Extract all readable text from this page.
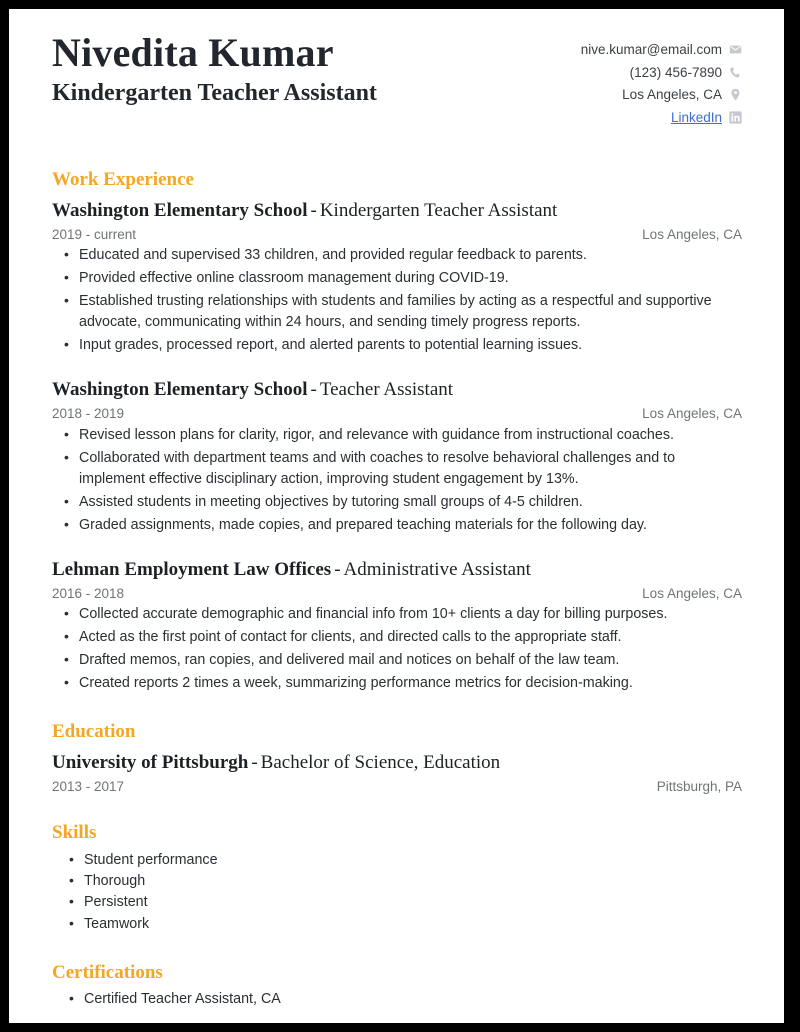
Nivedita Kumar
Kindergarten Teacher Assistant
nive.kumar@email.com
(123) 456-7890
Los Angeles, CA
LinkedIn
Work Experience
Washington Elementary School - Kindergarten Teacher Assistant
2019 - current	Los Angeles, CA
• Educated and supervised 33 children, and provided regular feedback to parents.
• Provided effective online classroom management during COVID-19.
• Established trusting relationships with students and families by acting as a respectful and supportive advocate, communicating within 24 hours, and sending timely progress reports.
• Input grades, processed report, and alerted parents to potential learning issues.
Washington Elementary School - Teacher Assistant
2018 - 2019	Los Angeles, CA
• Revised lesson plans for clarity, rigor, and relevance with guidance from instructional coaches.
• Collaborated with department teams and with coaches to resolve behavioral challenges and to implement effective disciplinary action, improving student engagement by 13%.
• Assisted students in meeting objectives by tutoring small groups of 4-5 children.
• Graded assignments, made copies, and prepared teaching materials for the following day.
Lehman Employment Law Offices - Administrative Assistant
2016 - 2018	Los Angeles, CA
• Collected accurate demographic and financial info from 10+ clients a day for billing purposes.
• Acted as the first point of contact for clients, and directed calls to the appropriate staff.
• Drafted memos, ran copies, and delivered mail and notices on behalf of the law team.
• Created reports 2 times a week, summarizing performance metrics for decision-making.
Education
University of Pittsburgh - Bachelor of Science, Education
2013 - 2017	Pittsburgh, PA
Skills
• Student performance
• Thorough
• Persistent
• Teamwork
Certifications
• Certified Teacher Assistant, CA
